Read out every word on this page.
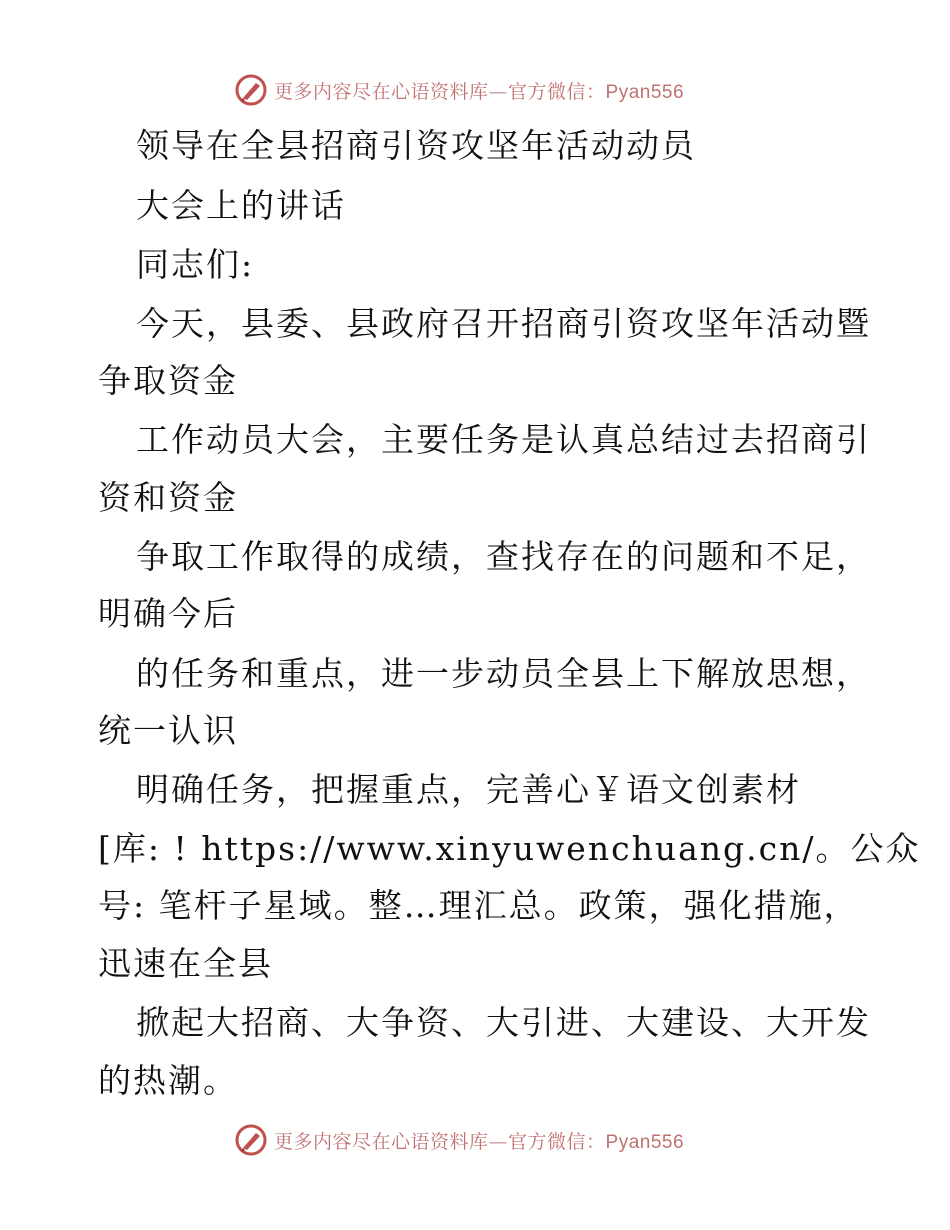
更多内容尽在心语资料库—官方微信：Pyan556
领导在全县招商引资攻坚年活动动员
大会上的讲话
同志们:
今天，县委、县政府召开招商引资攻坚年活动暨
争取资金
工作动员大会，主要任务是认真总结过去招商引
资和资金
争取工作取得的成绩，查找存在的问题和不足，
明确今后
的任务和重点，进一步动员全县上下解放思想，
统一认识
明确任务，把握重点，完善心￥语文创素材
[库: ! https://www.xinyuwenchuang.cn/。公众
号: 笔杆子星域。整…理汇总。政策，强化措施，
迅速在全县
掀起大招商、大争资、大引进、大建设、大开发
的热潮。
更多内容尽在心语资料库—官方微信：Pyan556
